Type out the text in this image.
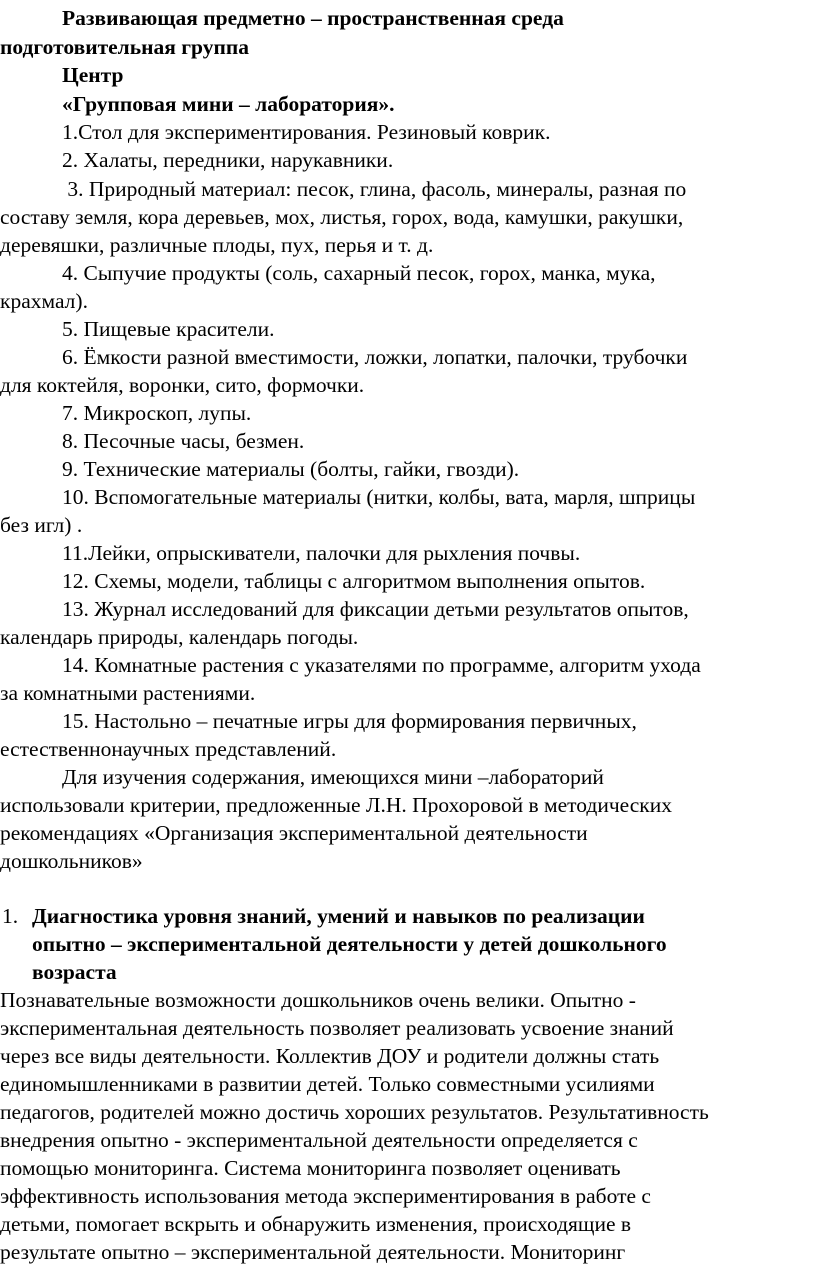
Развивающая предметно – пространственная среда
подготовительная группа
Центр
«Групповая мини – лаборатория».
1.Стол для экспериментирования. Резиновый коврик.
2. Халаты, передники, нарукавники.
3. Природный материал: песок, глина, фасоль, минералы, разная по
составу земля, кора деревьев, мох, листья, горох, вода, камушки, ракушки,
деревяшки, различные плоды, пух, перья и т. д.
4. Сыпучие продукты (соль, сахарный песок, горох, манка, мука,
крахмал).
5. Пищевые красители.
6. Ёмкости разной вместимости, ложки, лопатки, палочки, трубочки
для коктейля, воронки, сито, формочки.
7. Микроскоп, лупы.
8. Песочные часы, безмен.
9. Технические материалы (болты, гайки, гвозди).
10. Вспомогательные материалы (нитки, колбы, вата, марля, шприцы
без игл) .
11.Лейки, опрыскиватели, палочки для рыхления почвы.
12. Схемы, модели, таблицы с алгоритмом выполнения опытов.
13. Журнал исследований для фиксации детьми результатов опытов,
календарь природы, календарь погоды.
14. Комнатные растения с указателями по программе, алгоритм ухода
за комнатными растениями.
15. Настольно – печатные игры для формирования первичных,
естественнонаучных представлений.
Для изучения содержания, имеющихся мини –лабораторий
использовали критерии, предложенные Л.Н. Прохоровой в методических
рекомендациях «Организация экспериментальной деятельности
дошкольников»
1. Диагностика уровня знаний, умений и навыков по реализации
опытно – экспериментальной деятельности у детей дошкольного
возраста
Познавательные возможности дошкольников очень велики. Опытно -
экспериментальная деятельность позволяет реализовать усвоение знаний
через все виды деятельности. Коллектив ДОУ и родители должны стать
единомышленниками в развитии детей. Только совместными усилиями
педагогов, родителей можно достичь хороших результатов. Результативность
внедрения опытно - экспериментальной деятельности определяется с
помощью мониторинга. Система мониторинга позволяет оценивать
эффективность использования метода экспериментирования в работе с
детьми, помогает вскрыть и обнаружить изменения, происходящие в
результате опытно – экспериментальной деятельности. Мониторинг
